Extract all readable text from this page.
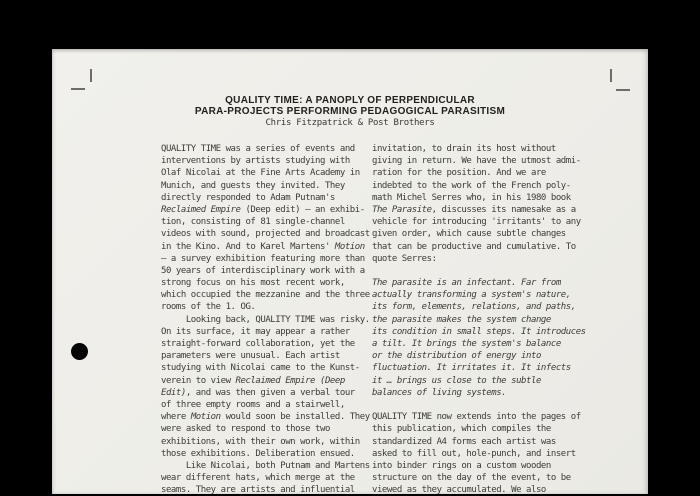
QUALITY TIME: A PANOPLY OF PERPENDICULAR
PARA-PROJECTS PERFORMING PEDAGOGICAL PARASITISM
Chris Fitzpatrick & Post Brothers
QUALITY TIME was a series of events and
interventions by artists studying with
Olaf Nicolai at the Fine Arts Academy in
Munich, and guests they invited. They
directly responded to Adam Putnam's
Reclaimed Empire (Deep edit) – an exhibi-
tion, consisting of 81 single-channel
videos with sound, projected and broadcast
in the Kino. And to Karel Martens' Motion
– a survey exhibition featuring more than
50 years of interdisciplinary work with a
strong focus on his most recent work,
which occupied the mezzanine and the three
rooms of the 1. OG.
Looking back, QUALITY TIME was risky.
On its surface, it may appear a rather
straight-forward collaboration, yet the
parameters were unusual. Each artist
studying with Nicolai came to the Kunst-
verein to view Reclaimed Empire (Deep
Edit), and was then given a verbal tour
of three empty rooms and a stairwell,
where Motion would soon be installed. They
were asked to respond to those two
exhibitions, with their own work, within
those exhibitions. Deliberation ensued.
Like Nicolai, both Putnam and Martens
wear different hats, which merge at the
seams. They are artists and influential
invitation, to drain its host without
giving in return. We have the utmost admi-
ration for the position. And we are
indebted to the work of the French poly-
math Michel Serres who, in his 1980 book
The Parasite, discusses its namesake as a
vehicle for introducing 'irritants' to any
given order, which cause subtle changes
that can be productive and cumulative. To
quote Serres:

The parasite is an infectant. Far from
actually transforming a system's nature,
its form, elements, relations, and paths,
the parasite makes the system change
its condition in small steps. It introduces
a tilt. It brings the system's balance
or the distribution of energy into
fluctuation. It irritates it. It infects
it … brings us close to the subtle
balances of living systems.

QUALITY TIME now extends into the pages of
this publication, which compiles the
standardized A4 forms each artist was
asked to fill out, hole-punch, and insert
into binder rings on a custom wooden
structure on the day of the event, to be
viewed as they accumulated. We also
